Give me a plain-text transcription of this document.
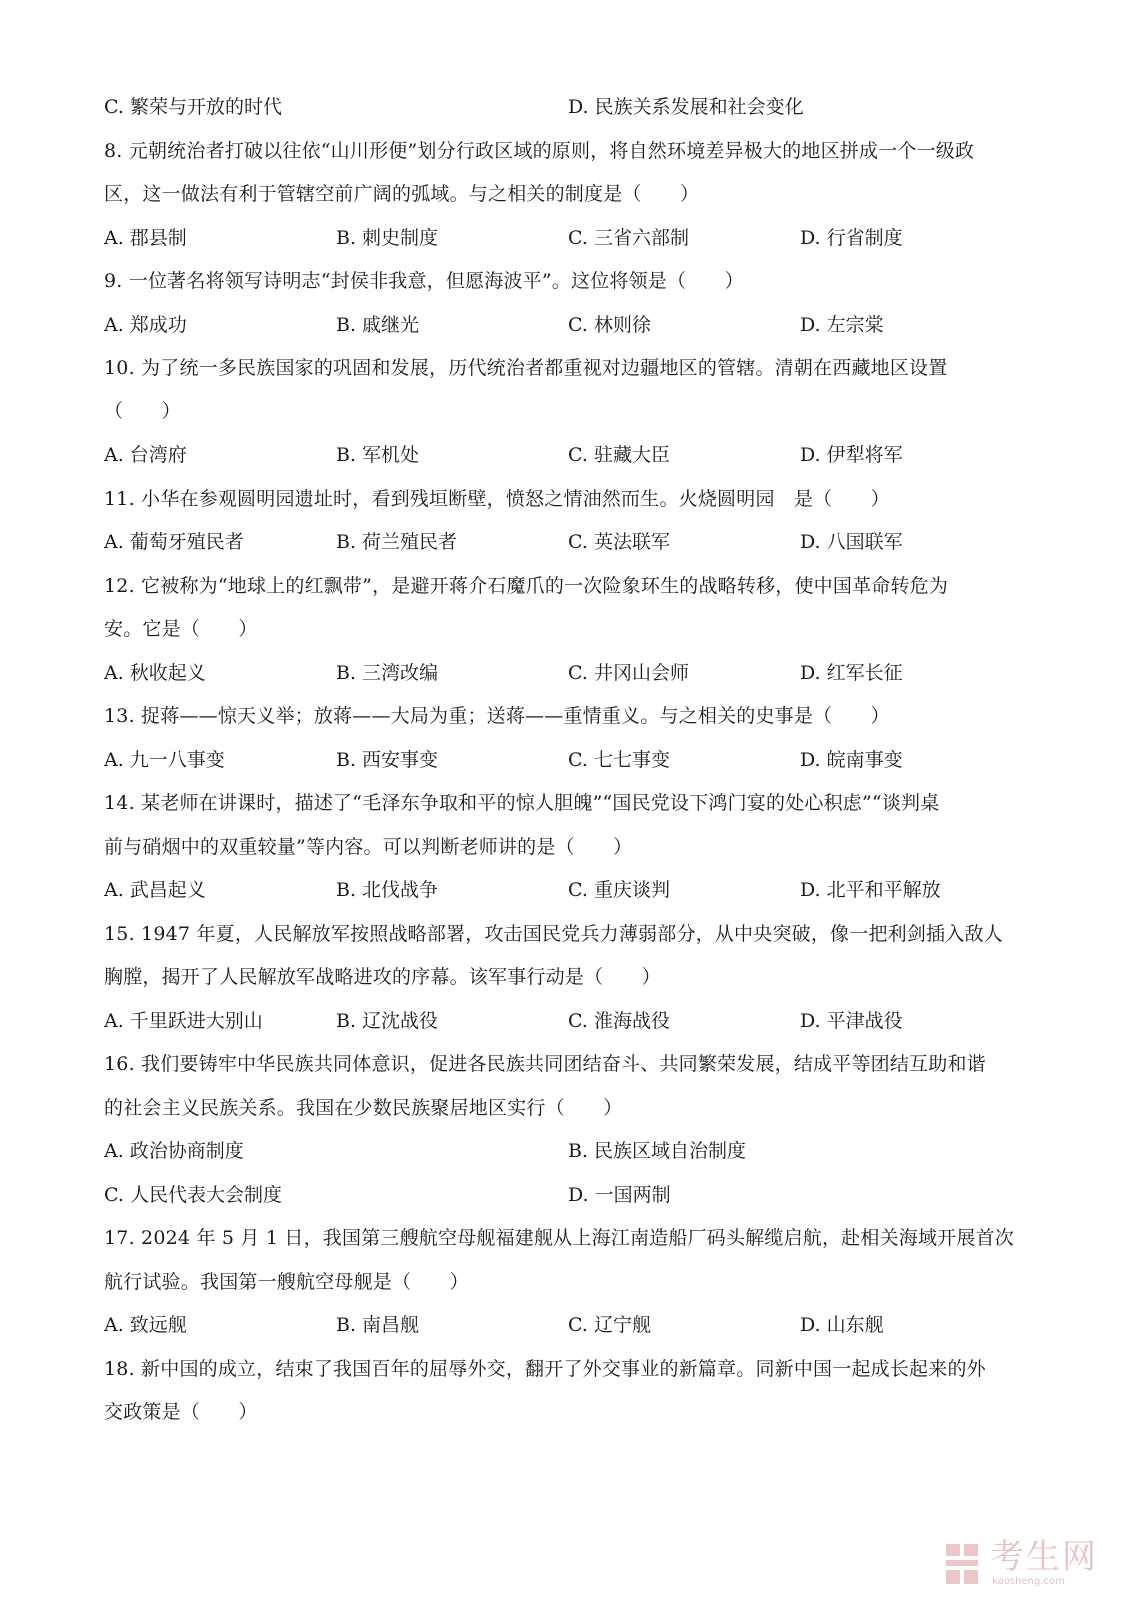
C. 繁荣与开放的时代	D. 民族关系发展和社会变化
8. 元朝统治者打破以往依“山川形便”划分行政区域的原则，将自然环境差异极大的地区拼成一个一级政
区，这一做法有利于管辖空前广阔的弧域。与之相关的制度是（　　）
A. 郡县制	B. 刺史制度	C. 三省六部制	D. 行省制度
9. 一位著名将领写诗明志“封侯非我意，但愿海波平”。这位将领是（　　）
A. 郑成功	B. 戚继光	C. 林则徐	D. 左宗棠
10. 为了统一多民族国家的巩固和发展，历代统治者都重视对边疆地区的管辖。清朝在西藏地区设置
（　　）
A. 台湾府	B. 军机处	C. 驻藏大臣	D. 伊犁将军
11. 小华在参观圆明园遗址时，看到残垣断壁，愤怒之情油然而生。火烧圆明园　是（　　）
A. 葡萄牙殖民者	B. 荷兰殖民者	C. 英法联军	D. 八国联军
12. 它被称为“地球上的红飘带”，是避开蒋介石魔爪的一次险象环生的战略转移，使中国革命转危为
安。它是（　　）
A. 秋收起义	B. 三湾改编	C. 井冈山会师	D. 红军长征
13. 捉蒋——惊天义举；放蒋——大局为重；送蒋——重情重义。与之相关的史事是（　　）
A. 九一八事变	B. 西安事变	C. 七七事变	D. 皖南事变
14. 某老师在讲课时，描述了“毛泽东争取和平的惊人胆魄”“国民党设下鸿门宴的处心积虑”“谈判桌
前与硝烟中的双重较量”等内容。可以判断老师讲的是（　　）
A. 武昌起义	B. 北伐战争	C. 重庆谈判	D. 北平和平解放
15. 1947 年夏，人民解放军按照战略部署，攻击国民党兵力薄弱部分，从中央突破，像一把利剑插入敌人
胸膛，揭开了人民解放军战略进攻的序幕。该军事行动是（　　）
A. 千里跃进大别山	B. 辽沈战役	C. 淮海战役	D. 平津战役
16. 我们要铸牢中华民族共同体意识，促进各民族共同团结奋斗、共同繁荣发展，结成平等团结互助和谐
的社会主义民族关系。我国在少数民族聚居地区实行（　　）
A. 政治协商制度	B. 民族区域自治制度
C. 人民代表大会制度	D. 一国两制
17. 2024 年 5 月 1 日，我国第三艘航空母舰福建舰从上海江南造船厂码头解缆启航，赴相关海域开展首次
航行试验。我国第一艘航空母舰是（　　）
A. 致远舰	B. 南昌舰	C. 辽宁舰	D. 山东舰
18. 新中国的成立，结束了我国百年的屈辱外交，翻开了外交事业的新篇章。同新中国一起成长起来的外
交政策是（　　）
考生网
kaosheng.com
